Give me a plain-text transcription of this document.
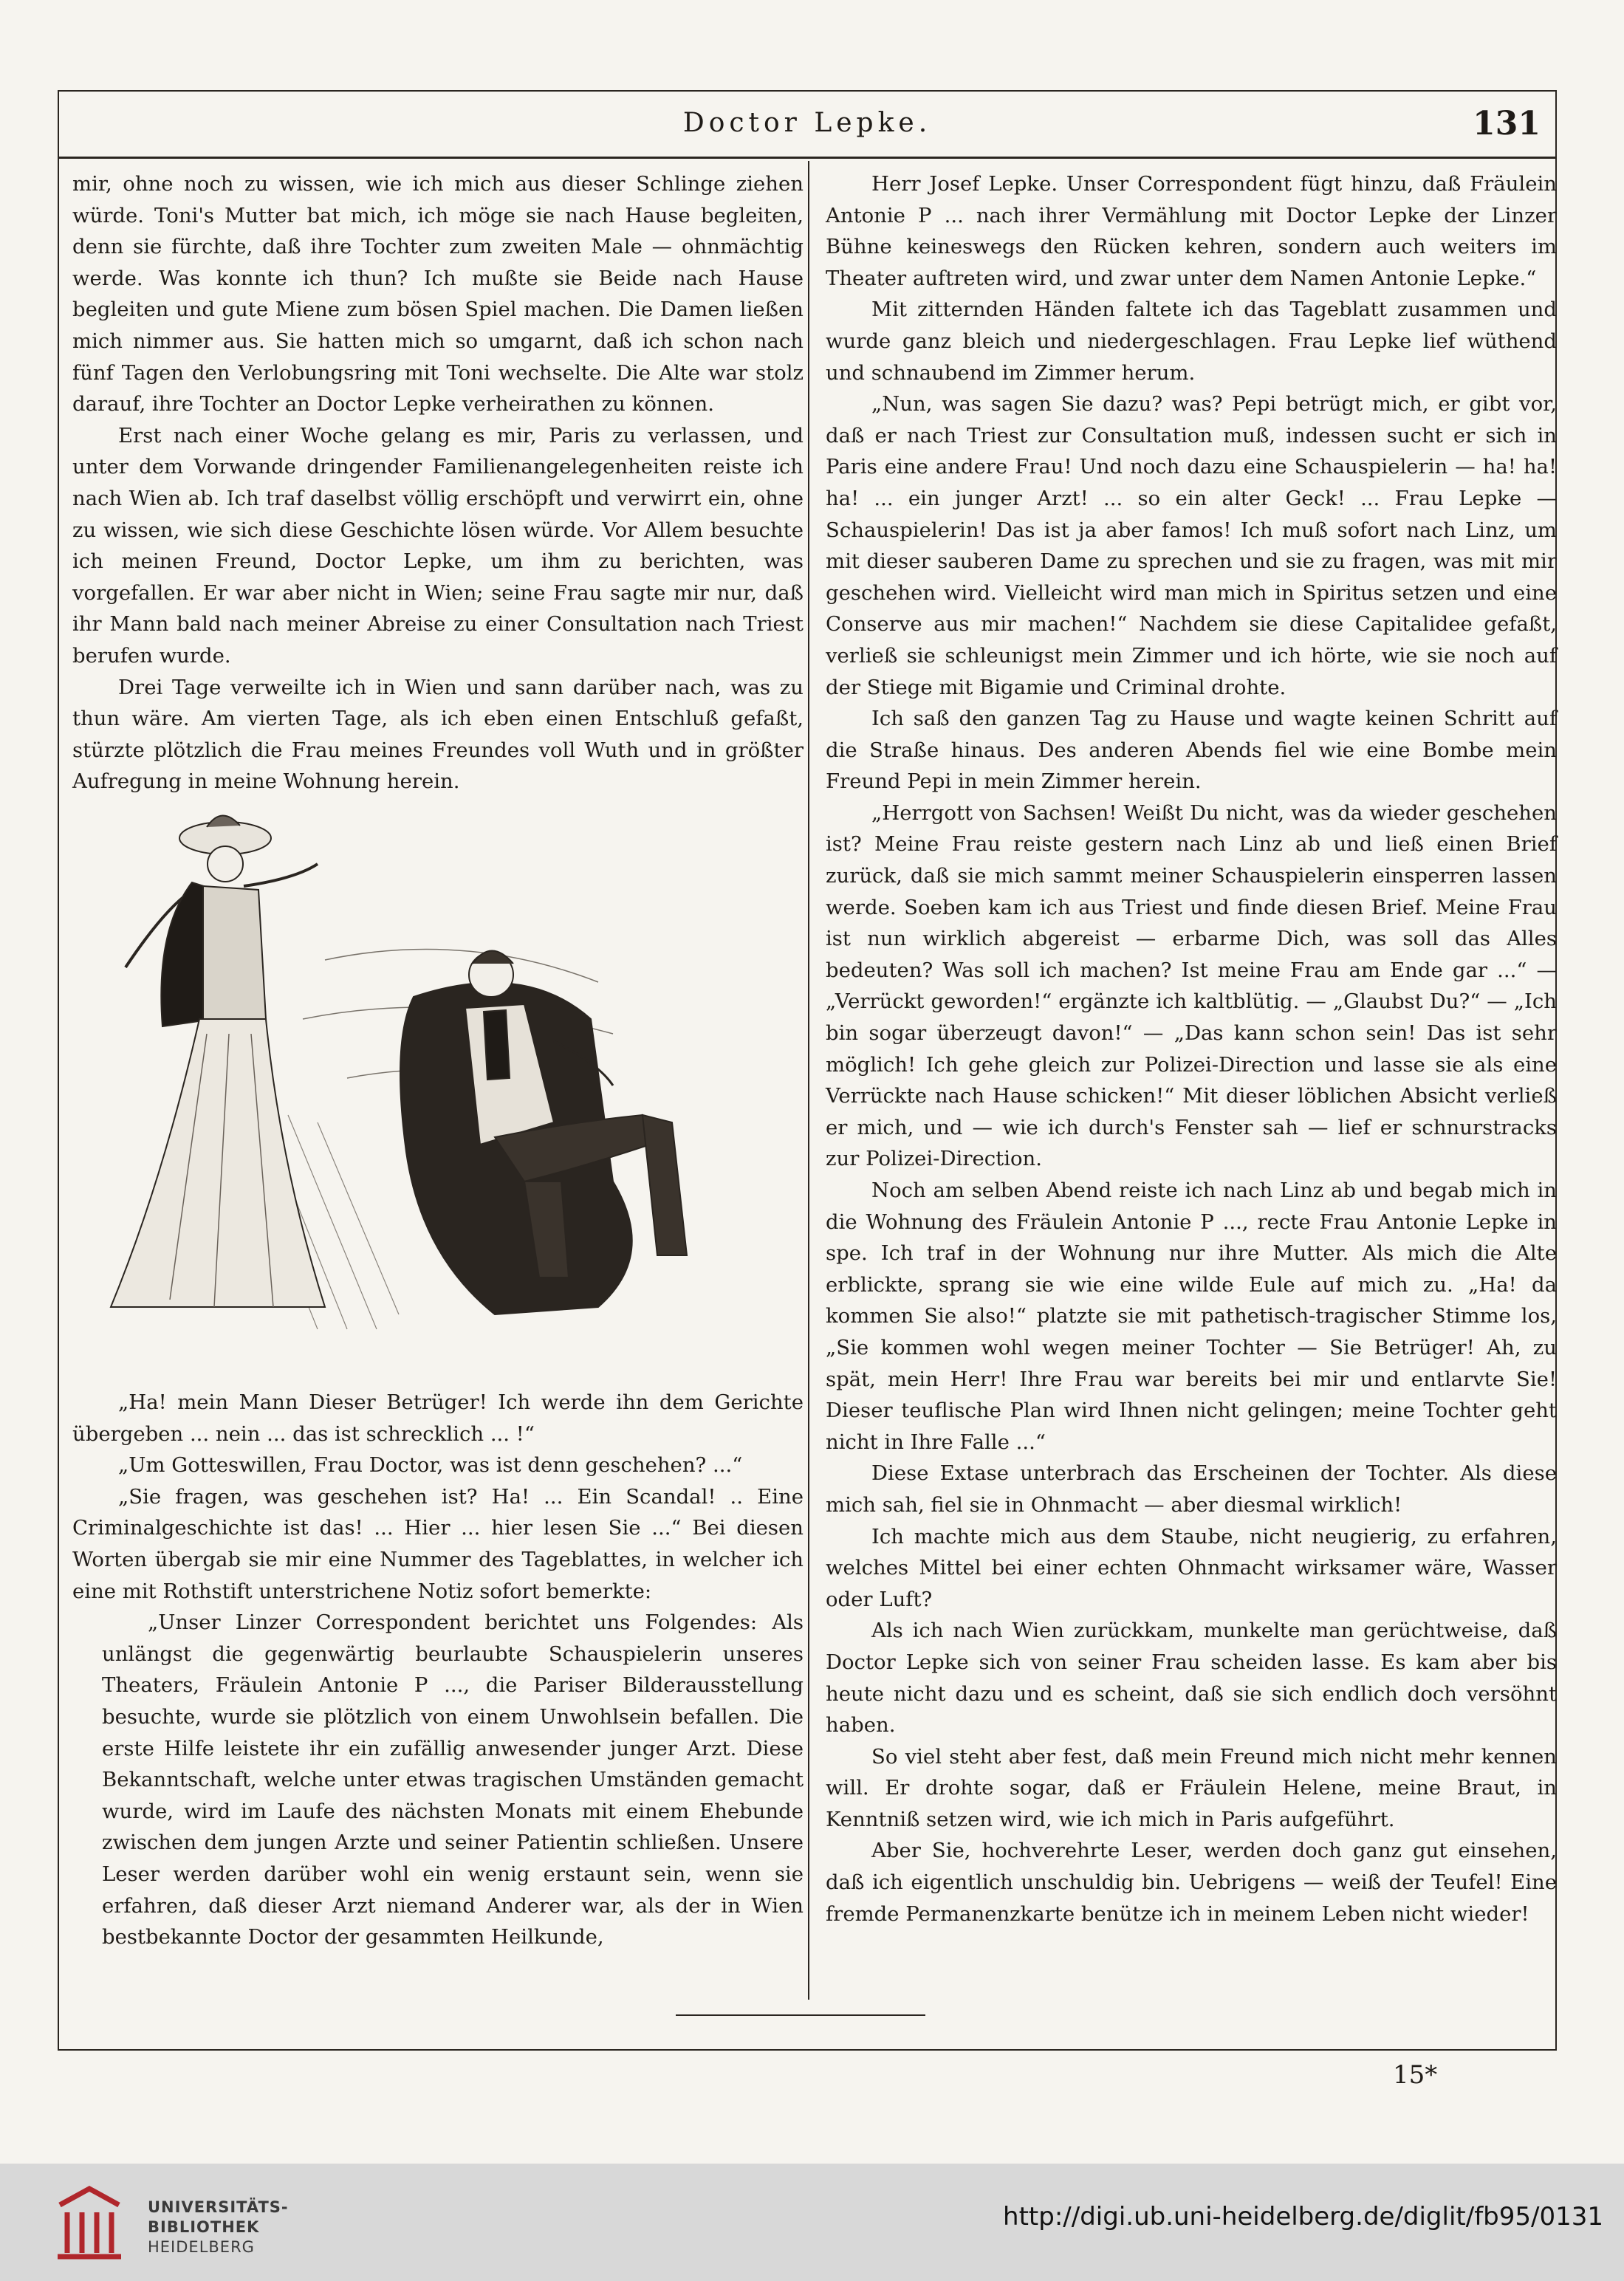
Doctor Lepke.	131

mir, ohne noch zu wissen, wie ich mich aus dieser Schlinge ziehen würde. Toni's Mutter bat mich, ich möge sie nach Hause begleiten, denn sie fürchte, daß ihre Tochter zum zweiten Male — ohnmächtig werde. Was konnte ich thun? Ich mußte sie Beide nach Hause begleiten und gute Miene zum bösen Spiel machen. Die Damen ließen mich nimmer aus. Sie hatten mich so umgarnt, daß ich schon nach fünf Tagen den Verlobungsring mit Toni wechselte. Die Alte war stolz darauf, ihre Tochter an Doctor Lepke verheirathen zu können.

Erst nach einer Woche gelang es mir, Paris zu verlassen, und unter dem Vorwande dringender Familienangelegenheiten reiste ich nach Wien ab. Ich traf daselbst völlig erschöpft und verwirrt ein, ohne zu wissen, wie sich diese Geschichte lösen würde. Vor Allem besuchte ich meinen Freund, Doctor Lepke, um ihm zu berichten, was vorgefallen. Er war aber nicht in Wien; seine Frau sagte mir nur, daß ihr Mann bald nach meiner Abreise zu einer Consultation nach Triest berufen wurde.

Drei Tage verweilte ich in Wien und sann darüber nach, was zu thun wäre. Am vierten Tage, als ich eben einen Entschluß gefaßt, stürzte plötzlich die Frau meines Freundes voll Wuth und in größter Aufregung in meine Wohnung herein.

„Ha! mein Mann Dieser Betrüger! Ich werde ihn dem Gerichte übergeben ... nein ... das ist schrecklich ... !“

„Um Gotteswillen, Frau Doctor, was ist denn geschehen? ...“

„Sie fragen, was geschehen ist? Ha! ... Ein Scandal! .. Eine Criminalgeschichte ist das! ... Hier ... hier lesen Sie ...“ Bei diesen Worten übergab sie mir eine Nummer des Tageblattes, in welcher ich eine mit Rothstift unterstrichene Notiz sofort bemerkte:

„Unser Linzer Correspondent berichtet uns Folgendes: Als unlängst die gegenwärtig beurlaubte Schauspielerin unseres Theaters, Fräulein Antonie P ..., die Pariser Bilderausstellung besuchte, wurde sie plötzlich von einem Unwohlsein befallen. Die erste Hilfe leistete ihr ein zufällig anwesender junger Arzt. Diese Bekanntschaft, welche unter etwas tragischen Umständen gemacht wurde, wird im Laufe des nächsten Monats mit einem Ehebunde zwischen dem jungen Arzte und seiner Patientin schließen. Unsere Leser werden darüber wohl ein wenig erstaunt sein, wenn sie erfahren, daß dieser Arzt niemand Anderer war, als der in Wien bestbekannte Doctor der gesammten Heilkunde,

Herr Josef Lepke. Unser Correspondent fügt hinzu, daß Fräulein Antonie P ... nach ihrer Vermählung mit Doctor Lepke der Linzer Bühne keineswegs den Rücken kehren, sondern auch weiters im Theater auftreten wird, und zwar unter dem Namen Antonie Lepke.“

Mit zitternden Händen faltete ich das Tageblatt zusammen und wurde ganz bleich und niedergeschlagen. Frau Lepke lief wüthend und schnaubend im Zimmer herum.

„Nun, was sagen Sie dazu? was? Pepi betrügt mich, er gibt vor, daß er nach Triest zur Consultation muß, indessen sucht er sich in Paris eine andere Frau! Und noch dazu eine Schauspielerin — ha! ha! ha! ... ein junger Arzt! ... so ein alter Geck! ... Frau Lepke — Schauspielerin! Das ist ja aber famos! Ich muß sofort nach Linz, um mit dieser sauberen Dame zu sprechen und sie zu fragen, was mit mir geschehen wird. Vielleicht wird man mich in Spiritus setzen und eine Conserve aus mir machen!“ Nachdem sie diese Capitalidee gefaßt, verließ sie schleunigst mein Zimmer und ich hörte, wie sie noch auf der Stiege mit Bigamie und Criminal drohte.

Ich saß den ganzen Tag zu Hause und wagte keinen Schritt auf die Straße hinaus. Des anderen Abends fiel wie eine Bombe mein Freund Pepi in mein Zimmer herein.

„Herrgott von Sachsen! Weißt Du nicht, was da wieder geschehen ist? Meine Frau reiste gestern nach Linz ab und ließ einen Brief zurück, daß sie mich sammt meiner Schauspielerin einsperren lassen werde. Soeben kam ich aus Triest und finde diesen Brief. Meine Frau ist nun wirklich abgereist — erbarme Dich, was soll das Alles bedeuten? Was soll ich machen? Ist meine Frau am Ende gar ...“ — „Verrückt geworden!“ ergänzte ich kaltblütig. — „Glaubst Du?“ — „Ich bin sogar überzeugt davon!“ — „Das kann schon sein! Das ist sehr möglich! Ich gehe gleich zur Polizei-Direction und lasse sie als eine Verrückte nach Hause schicken!“ Mit dieser löblichen Absicht verließ er mich, und — wie ich durch's Fenster sah — lief er schnurstracks zur Polizei-Direction.

Noch am selben Abend reiste ich nach Linz ab und begab mich in die Wohnung des Fräulein Antonie P ..., recte Frau Antonie Lepke in spe. Ich traf in der Wohnung nur ihre Mutter. Als mich die Alte erblickte, sprang sie wie eine wilde Eule auf mich zu. „Ha! da kommen Sie also!“ platzte sie mit pathetisch-tragischer Stimme los, „Sie kommen wohl wegen meiner Tochter — Sie Betrüger! Ah, zu spät, mein Herr! Ihre Frau war bereits bei mir und entlarvte Sie! Dieser teuflische Plan wird Ihnen nicht gelingen; meine Tochter geht nicht in Ihre Falle ...“

Diese Extase unterbrach das Erscheinen der Tochter. Als diese mich sah, fiel sie in Ohnmacht — aber diesmal wirklich!

Ich machte mich aus dem Staube, nicht neugierig, zu erfahren, welches Mittel bei einer echten Ohnmacht wirksamer wäre, Wasser oder Luft?

Als ich nach Wien zurückkam, munkelte man gerüchtweise, daß Doctor Lepke sich von seiner Frau scheiden lasse. Es kam aber bis heute nicht dazu und es scheint, daß sie sich endlich doch versöhnt haben.

So viel steht aber fest, daß mein Freund mich nicht mehr kennen will. Er drohte sogar, daß er Fräulein Helene, meine Braut, in Kenntniß setzen wird, wie ich mich in Paris aufgeführt.

Aber Sie, hochverehrte Leser, werden doch ganz gut einsehen, daß ich eigentlich unschuldig bin. Uebrigens — weiß der Teufel! Eine fremde Permanenzkarte benütze ich in meinem Leben nicht wieder!

15*
UNIVERSITÄTS-
BIBLIOTHEK
HEIDELBERG
http://digi.ub.uni-heidelberg.de/diglit/fb95/0131
